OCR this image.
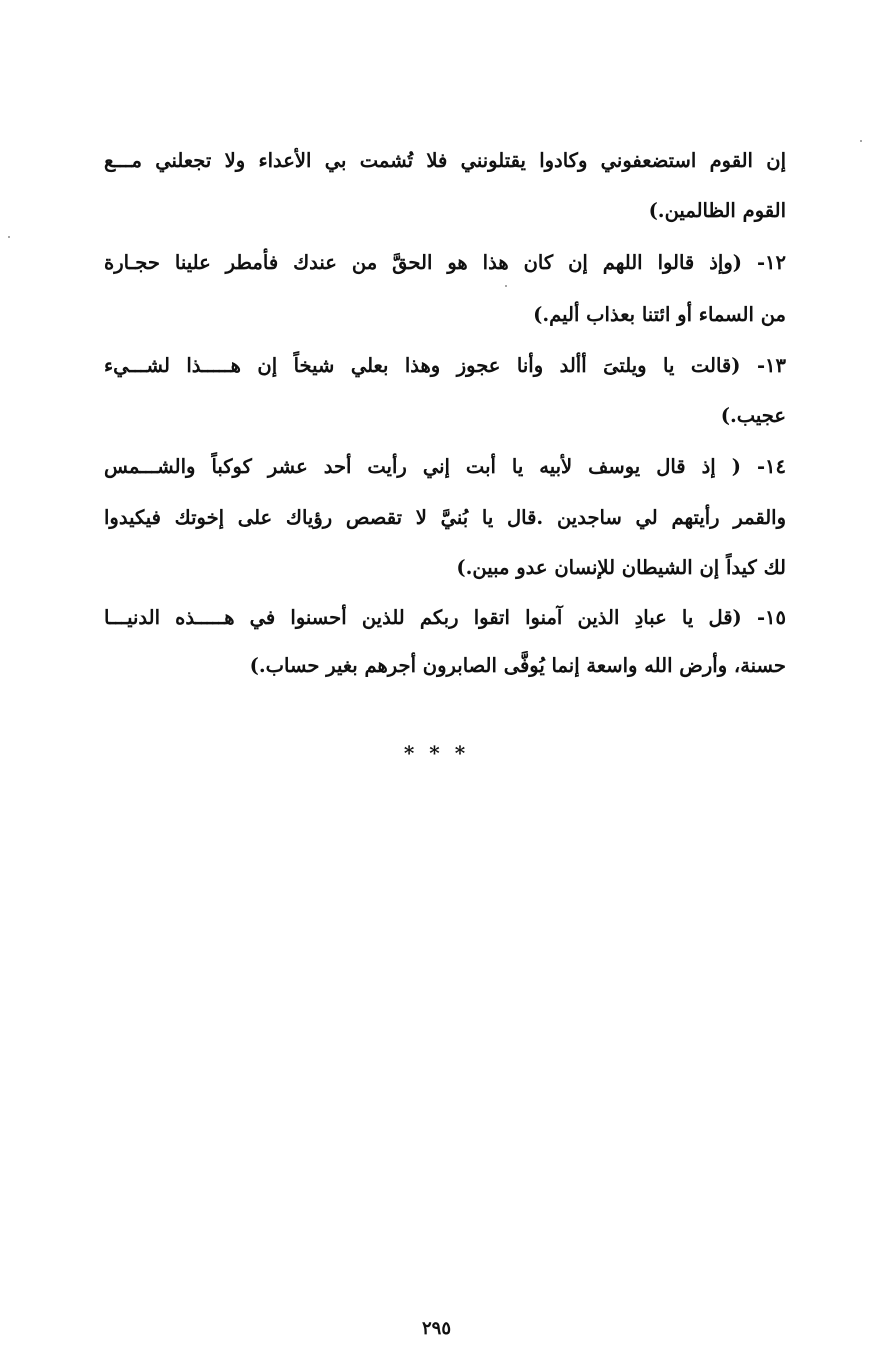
إن القوم استضعفوني وكادوا يقتلونني فلا تُشمت بي الأعداء ولا تجعلني مـــع
القوم الظالمين.)
١٢- (وإذ قالوا اللهم إن كان هذا هو الحقَّ من عندك فأمطر علينا حجـارة
من السماء أو ائتنا بعذاب أليم.)
١٣- (قالت يا ويلتىَ أألد وأنا عجوز وهذا بعلي شيخاً إن هـــــذا لشـــيء
عجيب.)
١٤- ( إذ قال يوسف لأبيه يا أبت إني رأيت أحد عشر كوكباً والشـــمس
والقمر رأيتهم لي ساجدين .قال يا بُنيَّ لا تقصص رؤياك على إخوتك فيكيدوا
لك كيداً إن الشيطان للإنسان عدو مبين.)
١٥- (قل يا عبادِ الذين آمنوا اتقوا ربكم للذين أحسنوا في هـــــذه الدنيـــا
حسنة، وأرض الله واسعة إنما يُوفَّى الصابرون أجرهم بغير حساب.)
* * *
٢٩٥
